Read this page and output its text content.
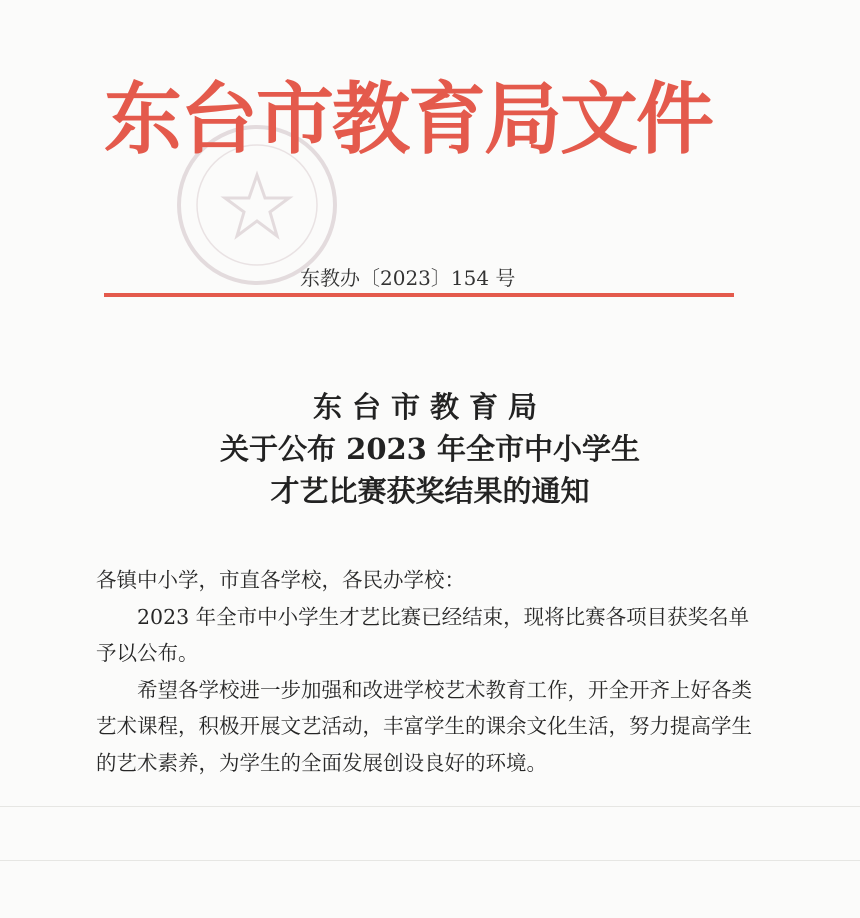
东台市教育局文件
东教办〔2023〕154 号
东台市教育局
关于公布 2023 年全市中小学生
才艺比赛获奖结果的通知

各镇中小学，市直各学校，各民办学校：

2023 年全市中小学生才艺比赛已经结束，现将比赛各项目获奖名单予以公布。

希望各学校进一步加强和改进学校艺术教育工作，开全开齐上好各类艺术课程，积极开展文艺活动，丰富学生的课余文化生活，努力提高学生的艺术素养，为学生的全面发展创设良好的环境。
